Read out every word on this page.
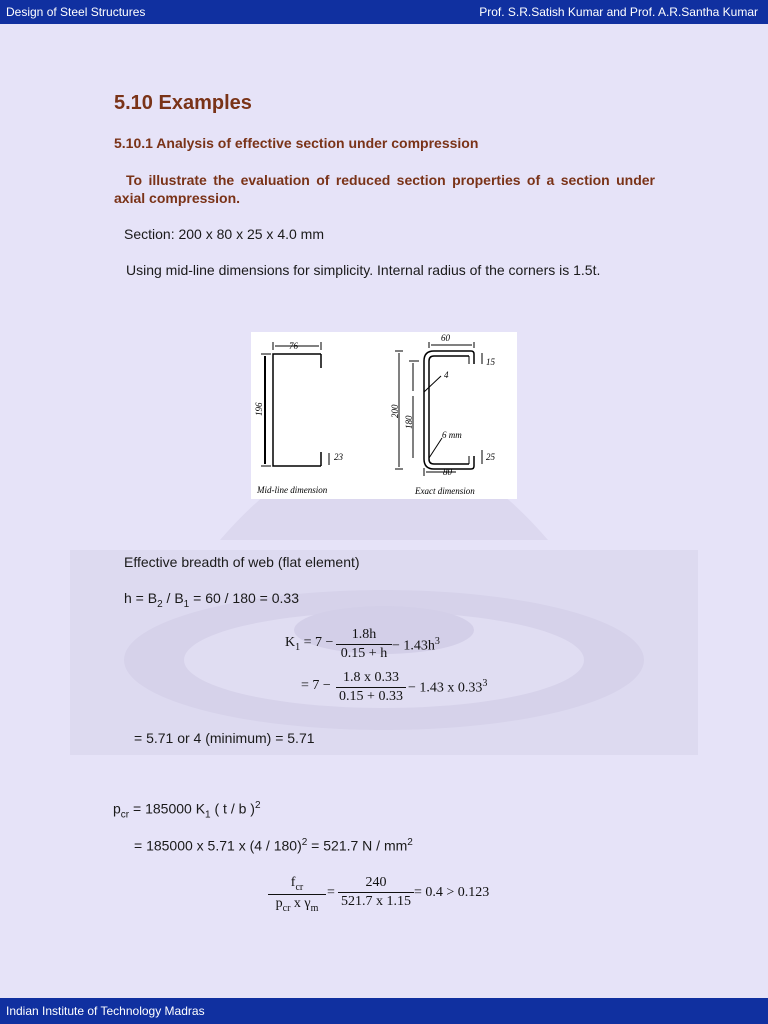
Design of Steel Structures	Prof. S.R.Satish Kumar and Prof. A.R.Santha Kumar
5.10 Examples
5.10.1 Analysis of effective section under compression
To illustrate the evaluation of reduced section properties of a section under axial compression.
Section: 200 x 80 x 25 x 4.0 mm
Using mid-line dimensions for simplicity. Internal radius of the corners is 1.5t.
76
196
23
60
15
200
180
4
6 mm
80
25
Mid-line dimension	Exact dimension
Effective breadth of web (flat element)
$h = B_2 / B_1 = 60 / 180 = 0.33$
$K_1 = 7 - \frac{1.8h}{0.15 + h} - 1.43h^3$
= $7 - \frac{1.8 x 0.33}{0.15 + 0.33} - 1.43$ x $0.33^3$
= 5.71 or 4 (minimum) = 5.71
$p_{cr} = 185000$ $K_1$ ( t / b )$^2$
= 185000 x 5.71 x (4 / 180)$^2$ = 521.7 N / $mm^2$
$f_{cr}$
$p_{cr}$ x $\gamma_m$
= $\frac{240}{521.7 x 1.15} = 0.4 > 0.123$
Indian Institute of Technology Madras
